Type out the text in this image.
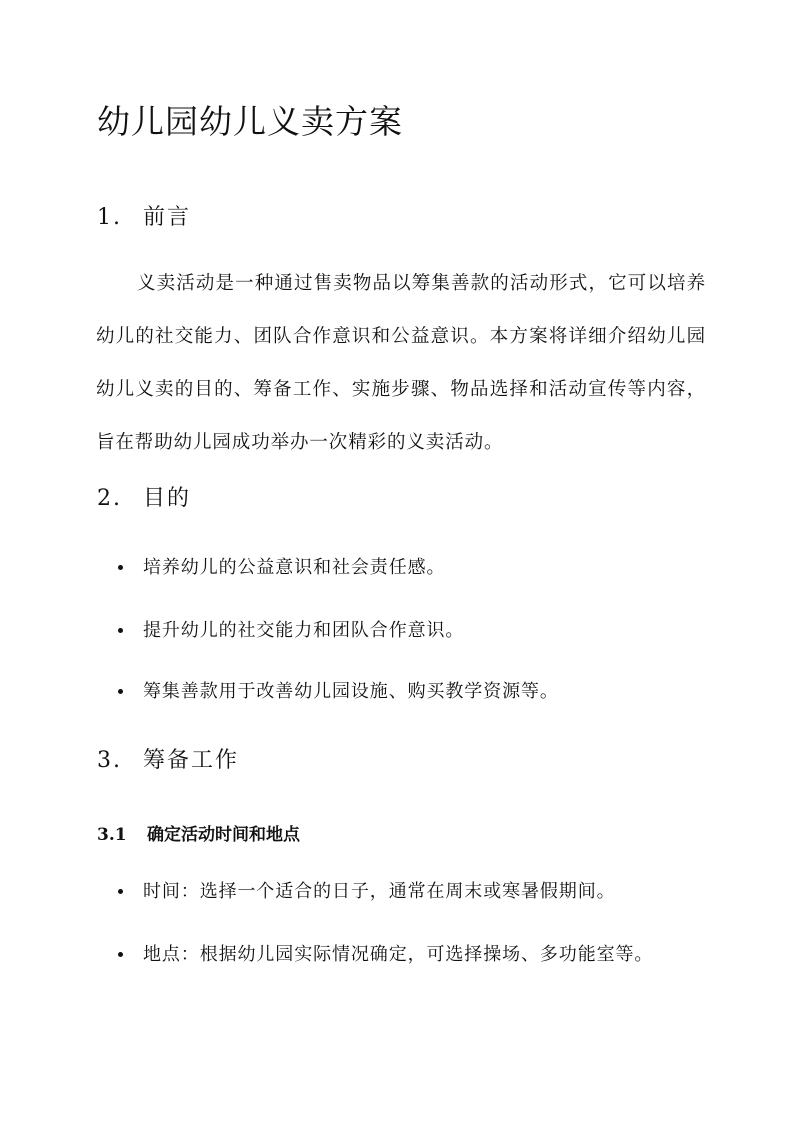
幼儿园幼儿义卖方案
1. 前言
义卖活动是一种通过售卖物品以筹集善款的活动形式，它可以培养幼儿的社交能力、团队合作意识和公益意识。本方案将详细介绍幼儿园幼儿义卖的目的、筹备工作、实施步骤、物品选择和活动宣传等内容，旨在帮助幼儿园成功举办一次精彩的义卖活动。
2. 目的
培养幼儿的公益意识和社会责任感。
提升幼儿的社交能力和团队合作意识。
筹集善款用于改善幼儿园设施、购买教学资源等。
3. 筹备工作
3.1 确定活动时间和地点
时间：选择一个适合的日子，通常在周末或寒暑假期间。
地点：根据幼儿园实际情况确定，可选择操场、多功能室等。
